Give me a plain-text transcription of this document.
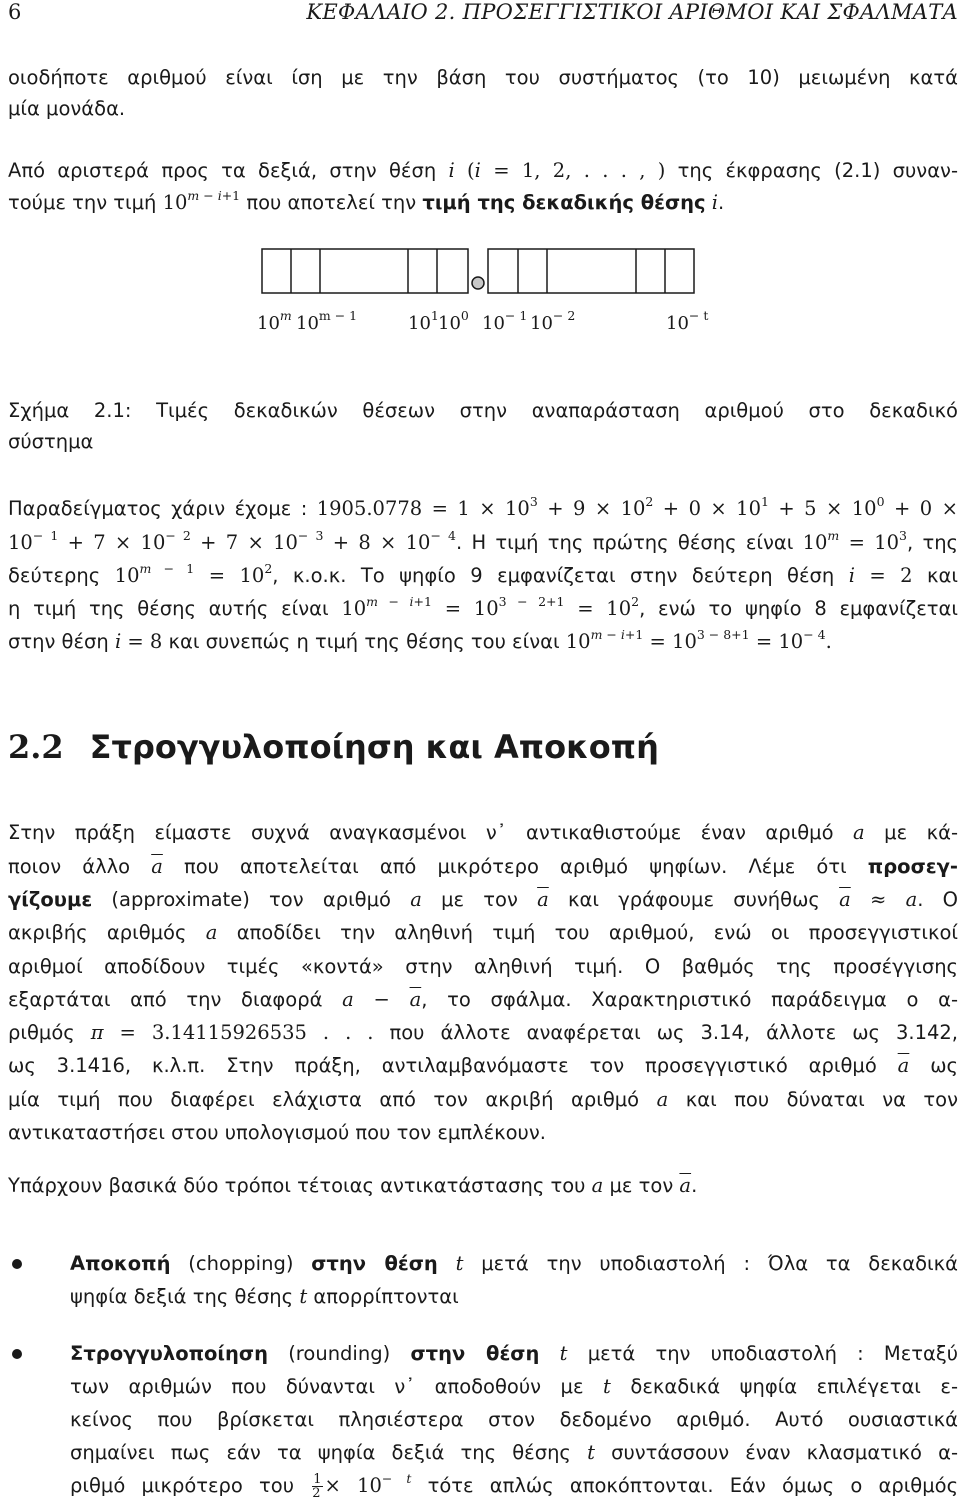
6	ΚΕΦΑΛΑΙΟ 2. ΠΡΟΣΕΓΓΙΣΤΙΚΟΙ ΑΡΙΘΜΟΙ ΚΑΙ ΣΦΑΛΜΑΤΑ
οιοδήποτε αριθμού είναι ίση με την βάση του συστήματος (το 10) μειωμένη κατά
μία μονάδα.
Από αριστερά προς τα δεξιά, στην θέση i (i = 1, 2, . . . , ) της έκφρασης (2.1) συναν-
τούμε την τιμή $10^{m - i+1}$ που αποτελεί την τιμή της δεκαδικής θέσης i.
10$^m$ $10^{m - 1}$	$10^1$ $10^0$ $10^{- 1}$ $10^{- 2}$	$10^{- t}$
Σχήμα 2.1: Τιμές δεκαδικών θέσεων στην αναπαράσταση αριθμού στο δεκαδικό
σύστημα
Παραδείγματος χάριν έχομε : $1905.0778 = 1 \times 10^3 + 9 \times 10^2 + 0 \times 10^1 + 5 \times 10^0 + 0$ ×
$10^{- 1} + 7 \times 10^{- 2} + 7 \times 10^{- 3} + 8 \times 10^{- 4}$. Η τιμή της πρώτης θέσης είναι $10^m = 10^3$, της
δεύτερης $10^{m - 1} = 10^2$, κ.ο.κ. Το ψηφίο 9 εμφανίζεται στην δεύτερη θέση i = 2 και
η τιμή της θέσης αυτής είναι $10^{m - i+1} = 10^{3 - 2+1} = 10^2$, ενώ το ψηφίο 8 εμφανίζεται
στην θέση i = 8 και συνεπώς η τιμή της θέσης του είναι $10^{m - i+1} = 10^{3 - 8+1} = 10^{- 4}$.
2.2 Στρογγυλοποίηση και Αποκοπή
Στην πράξη είμαστε συχνά αναγκασμένοι ν᾽ αντικαθιστούμε έναν αριθμό a με κά-
ποιον άλλο $\overline{a}$ που αποτελείται από μικρότερο αριθμό ψηφίων. Λέμε ότι προσεγ-
γίζουμε (approximate) τον αριθμό a με τον $\overline{a}$ και γράφουμε συνήθως $\overline{a} \approx a$. Ο
ακριβής αριθμός a αποδίδει την αληθινή τιμή του αριθμού, ενώ οι προσεγγιστικοί
αριθμοί αποδίδουν τιμές «κοντά» στην αληθινή τιμή. Ο βαθμός της προσέγγισης
εξαρτάται από την διαφορά $a - \overline{a}$, το σφάλμα. Χαρακτηριστικό παράδειγμα ο α-
ριθμός π = 3.14115926535 . . . που άλλοτε αναφέρεται ως 3.14, άλλοτε ως 3.142,
ως 3.1416, κ.λ.π. Στην πράξη, αντιλαμβανόμαστε τον προσεγγιστικό αριθμό $\overline{a}$ ως
μία τιμή που διαφέρει ελάχιστα από τον ακριβή αριθμό a και που δύναται να τον
αντικαταστήσει στου υπολογισμού που τον εμπλέκουν.
Υπάρχουν βασικά δύο τρόποι τέτοιας αντικατάστασης του a με τον $\overline{a}$.
Αποκοπή (chopping) στην θέση t μετά την υποδιαστολή : Όλα τα δεκαδικά
ψηφία δεξιά της θέσης t απορρίπτονται
Στρογγυλοποίηση (rounding) στην θέση t μετά την υποδιαστολή : Μεταξύ
των αριθμών που δύνανται ν᾽ αποδοθούν με t δεκαδικά ψηφία επιλέγεται ε-
κείνος που βρίσκεται πλησιέστερα στον δεδομένο αριθμό. Αυτό ουσιαστικά
σημαίνει πως εάν τα ψηφία δεξιά της θέσης t συντάσσουν έναν κλασματικό α-
ριθμό μικρότερο του $\frac{1}{2} \times 10^{- t}$ τότε απλώς αποκόπτονται. Εάν όμως ο αριθμός
